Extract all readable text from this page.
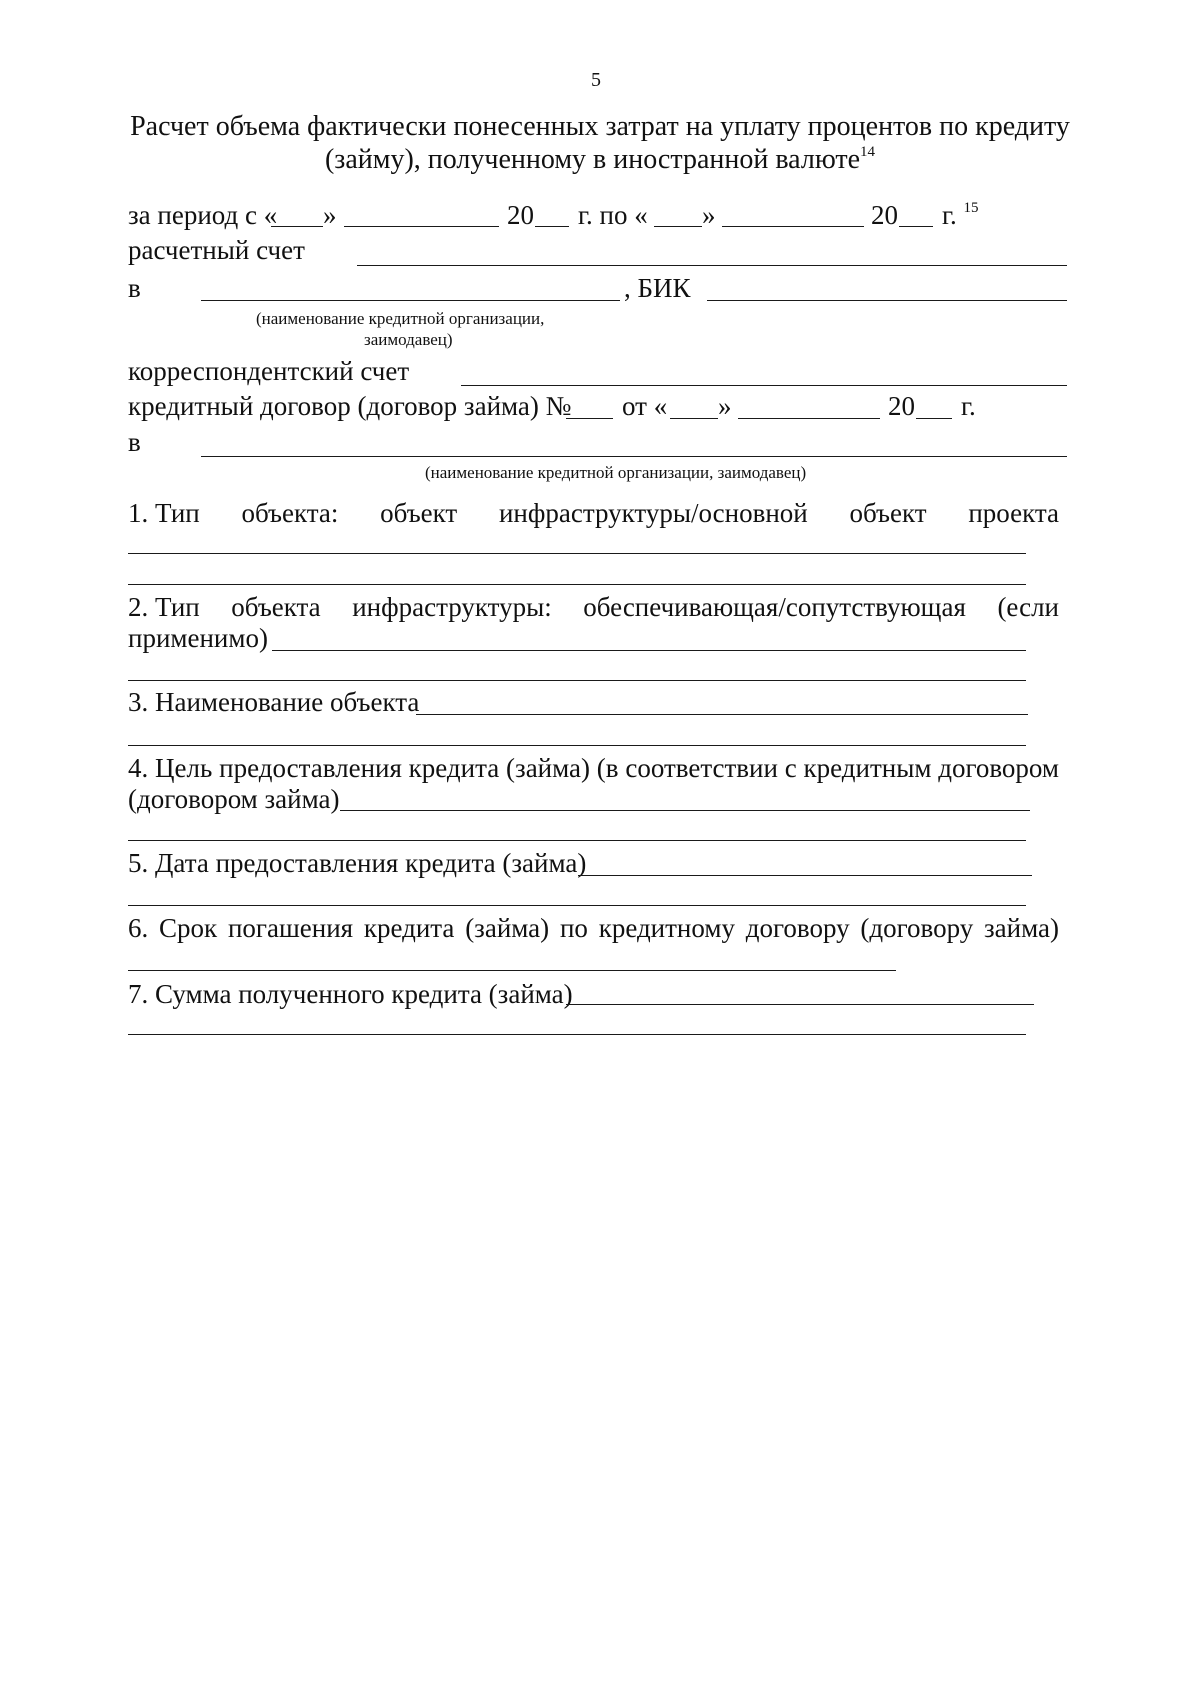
5
Расчет объема фактически понесенных затрат на уплату процентов по кредиту
(займу), полученному в иностранной валюте$^{14}$
за период с « »	20 г. по « »	20 г. $^{15}$
расчетный счет
в	, БИК
(наименование кредитной организации,
заимодавец)
корреспондентский счет
кредитный договор (договор займа) № от « »	20 г.
в
(наименование кредитной организации, заимодавец)
1. Тип объекта: объект инфраструктуры/основной объект проекта
2. Тип объекта инфраструктуры: обеспечивающая/сопутствующая (если
применимо)
3. Наименование объекта
4. Цель предоставления кредита (займа) (в соответствии с кредитным договором
(договором займа)
5. Дата предоставления кредита (займа)
6. Срок погашения кредита (займа) по кредитному договору (договору займа)
7. Сумма полученного кредита (займа)
